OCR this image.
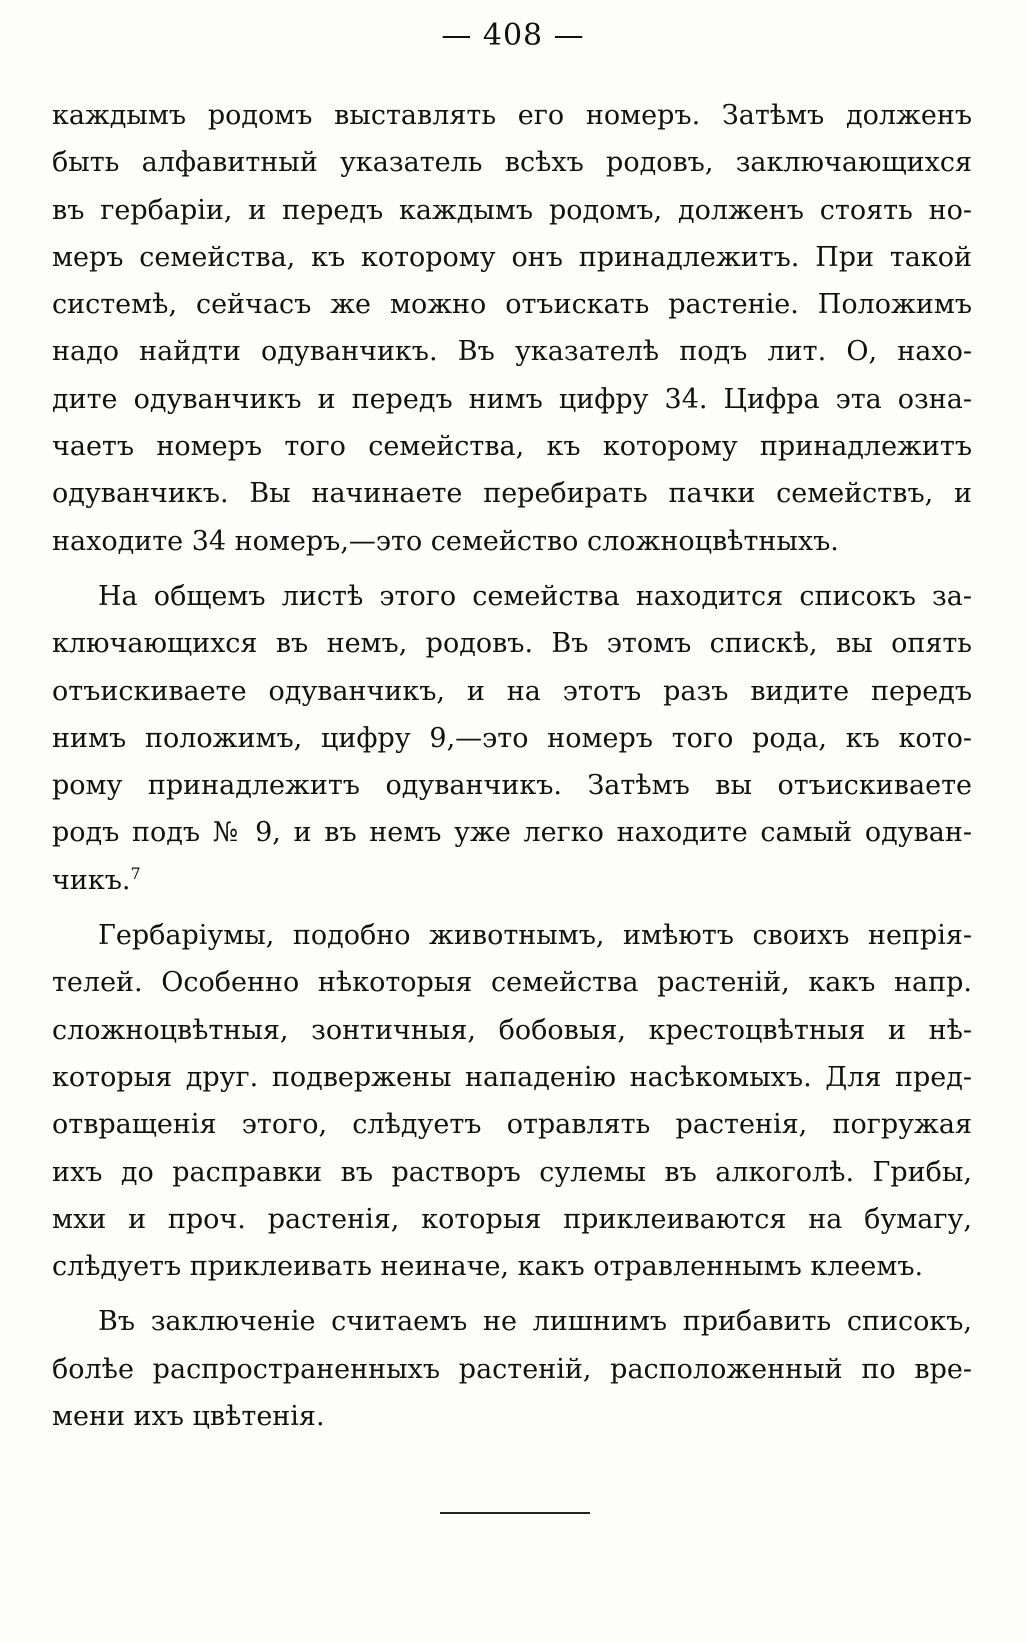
— 408 —
каждымъ родомъ выставлять его номеръ. Затѣмъ долженъ
быть алфавитный указатель всѣхъ родовъ, заключающихся
въ гербаріи, и передъ каждымъ родомъ, долженъ стоять но-
меръ семейства, къ которому онъ принадлежитъ. При такой
системѣ, сейчасъ же можно отъискать растеніе. Положимъ
надо найдти одуванчикъ. Въ указателѣ подъ лит. О, нахо-
дите одуванчикъ и передъ нимъ цифру 34. Цифра эта озна-
чаетъ номеръ того семейства, къ которому принадлежитъ
одуванчикъ. Вы начинаете перебирать пачки семействъ, и
находите 34 номеръ,—это семейство сложноцвѣтныхъ.
На общемъ листѣ этого семейства находится списокъ за-
ключающихся въ немъ, родовъ. Въ этомъ спискѣ, вы опять
отъискиваете одуванчикъ, и на этотъ разъ видите передъ
нимъ положимъ, цифру 9,—это номеръ того рода, къ кото-
рому принадлежитъ одуванчикъ. Затѣмъ вы отъискиваете
родъ подъ № 9, и въ немъ уже легко находите самый одуван-
чикъ.$^7$
Гербаріумы, подобно животнымъ, имѣютъ своихъ непрія-
телей. Особенно нѣкоторыя семейства растеній, какъ напр.
сложноцвѣтныя, зонтичныя, бобовыя, крестоцвѣтныя и нѣ-
которыя друг. подвержены нападенію насѣкомыхъ. Для пред-
отвращенія этого, слѣдуетъ отравлять растенія, погружая
ихъ до расправки въ растворъ сулемы въ алкоголѣ. Грибы,
мхи и проч. растенія, которыя приклеиваются на бумагу,
слѣдуетъ приклеивать неиначе, какъ отравленнымъ клеемъ.
Въ заключеніе считаемъ не лишнимъ прибавить списокъ,
болѣе распространенныхъ растеній, расположенный по вре-
мени ихъ цвѣтенія.
